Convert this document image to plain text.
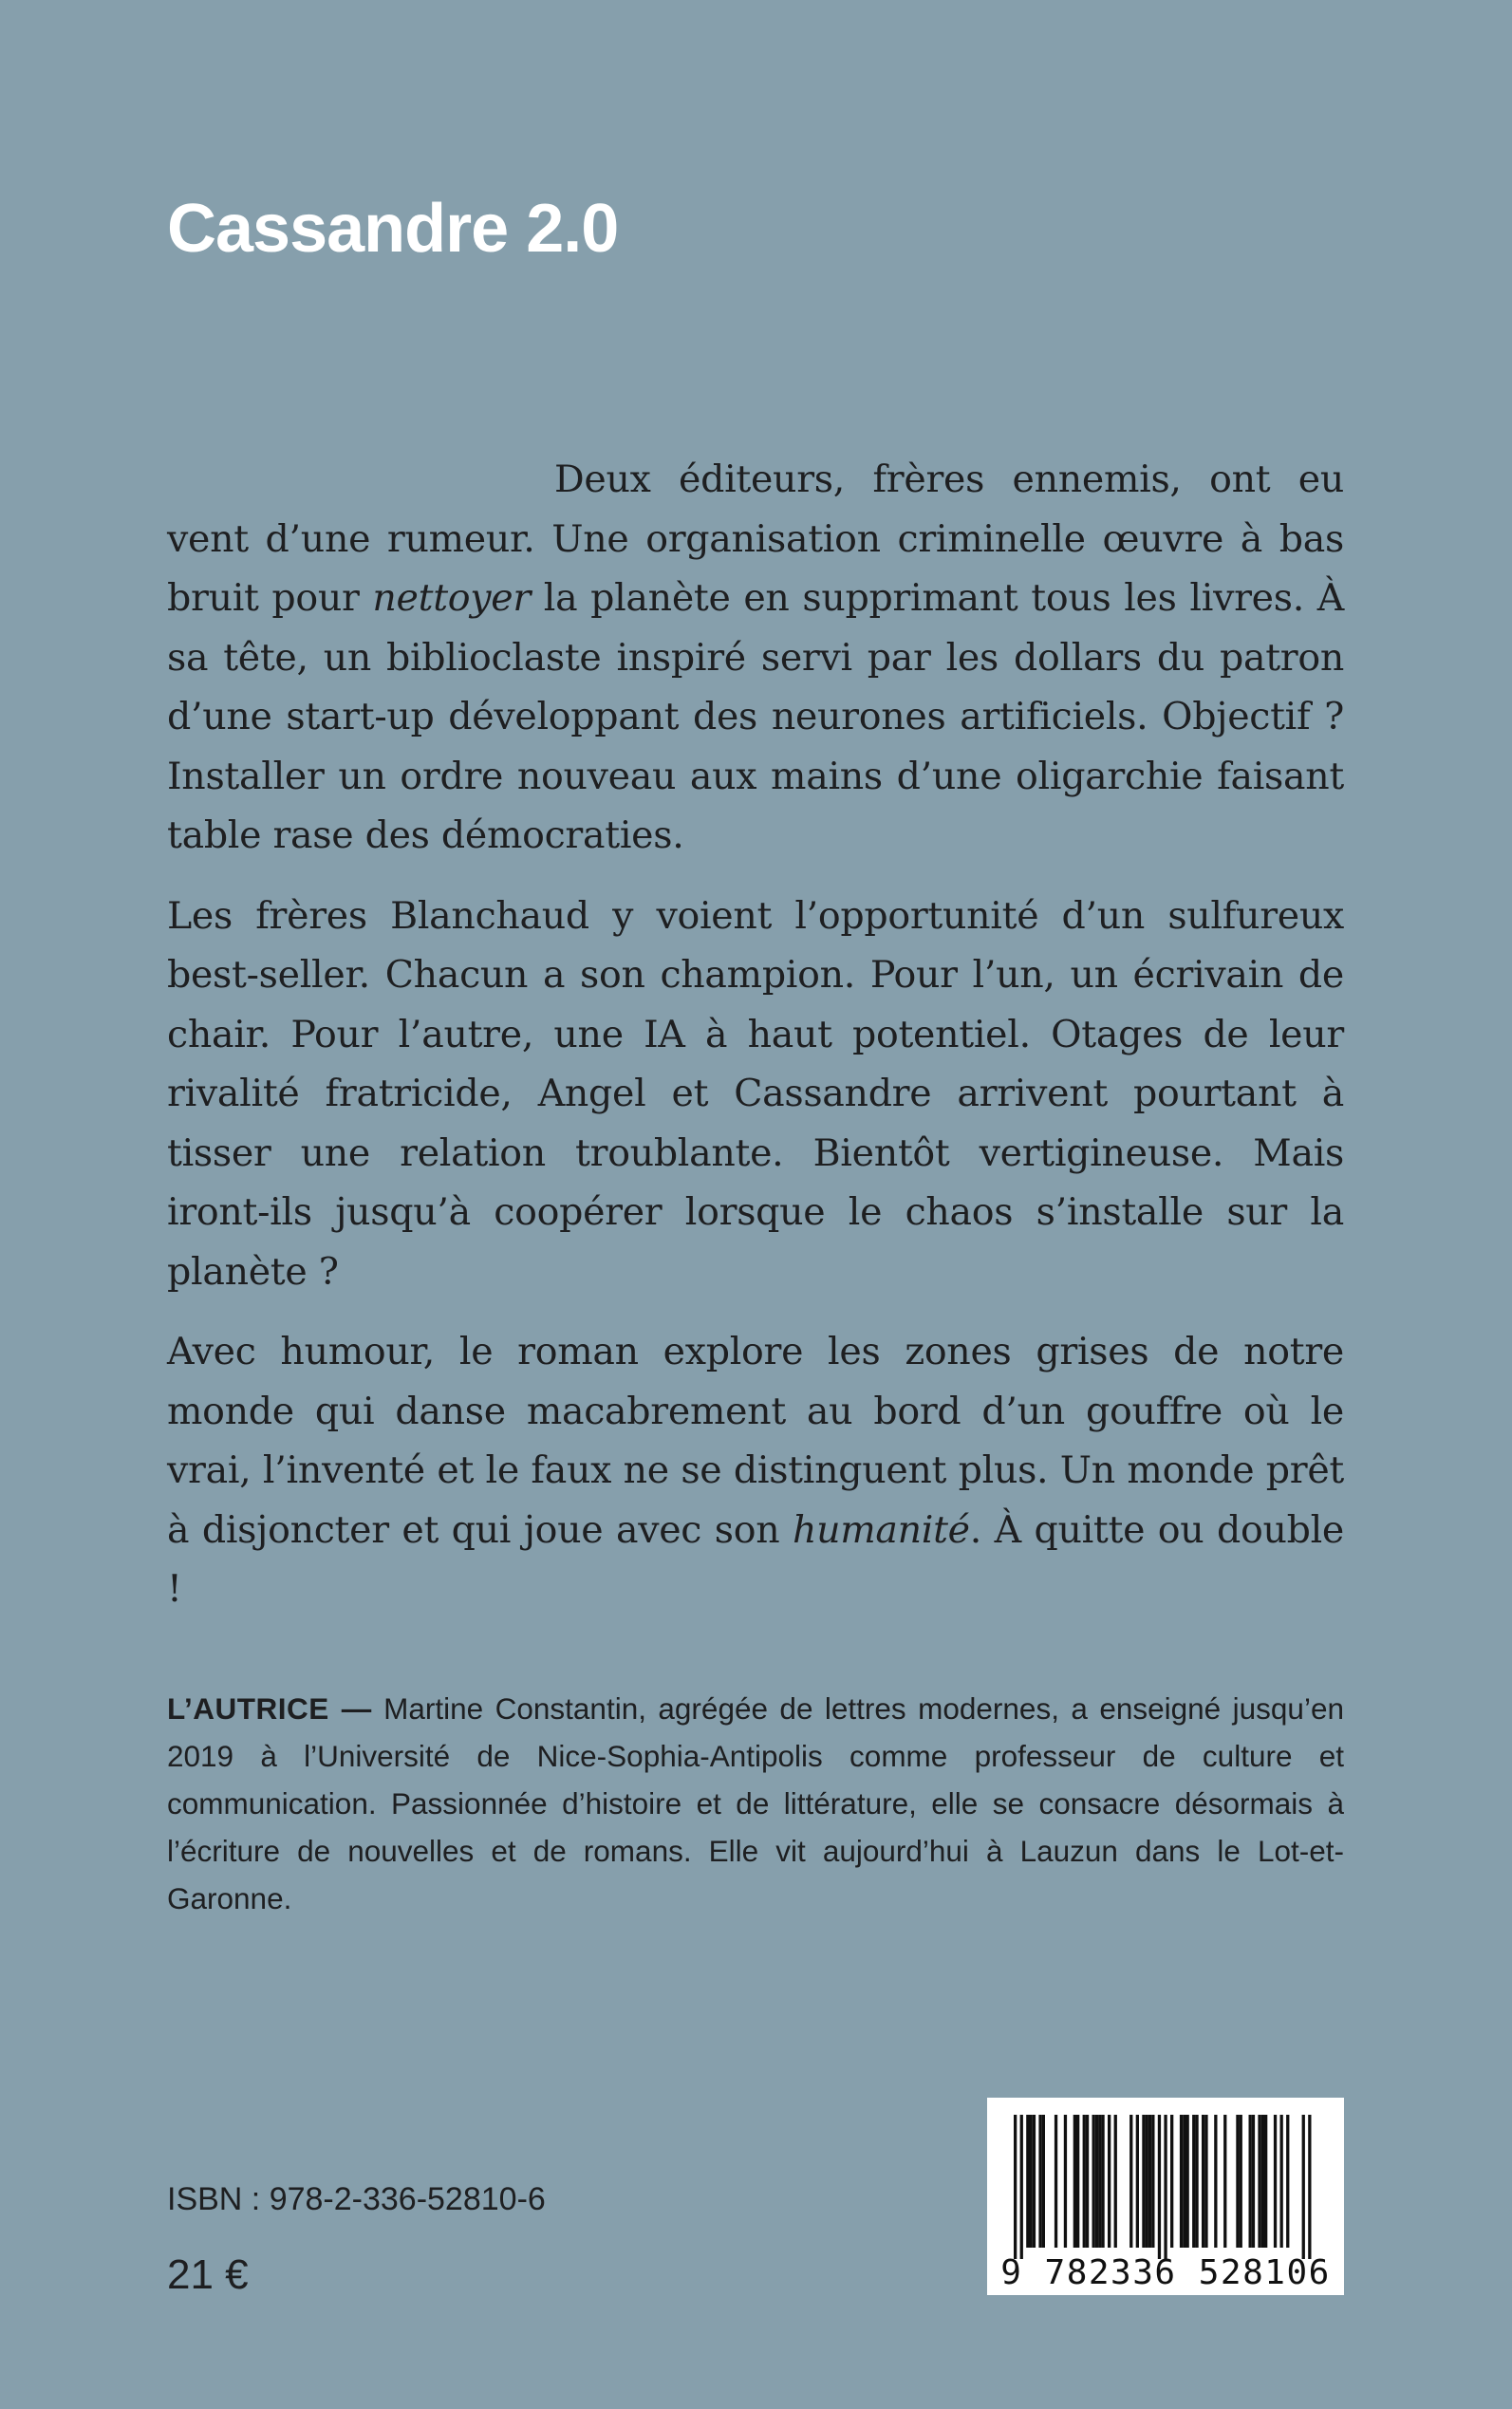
Cassandre 2.0

Deux éditeurs, frères ennemis, ont eu vent d’une rumeur. Une organisation criminelle œuvre à bas bruit pour nettoyer la planète en supprimant tous les livres. À sa tête, un biblioclaste inspiré servi par les dollars du patron d’une start-up développant des neurones artificiels. Objectif ? Installer un ordre nouveau aux mains d’une oligarchie faisant table rase des démocraties.

Les frères Blanchaud y voient l’opportunité d’un sulfureux best-seller. Chacun a son champion. Pour l’un, un écrivain de chair. Pour l’autre, une IA à haut potentiel. Otages de leur rivalité fratricide, Angel et Cassandre arrivent pourtant à tisser une relation troublante. Bientôt vertigineuse. Mais iront-ils jusqu’à coopérer lorsque le chaos s’installe sur la planète ?

Avec humour, le roman explore les zones grises de notre monde qui danse macabrement au bord d’un gouffre où le vrai, l’inventé et le faux ne se distinguent plus. Un monde prêt à disjoncter et qui joue avec son humanité. À quitte ou double !

L’AUTRICE — Martine Constantin, agrégée de lettres modernes, a enseigné jusqu’en 2019 à l’Université de Nice-Sophia-Antipolis comme professeur de culture et communication. Passionnée d’histoire et de littérature, elle se consacre désormais à l’écriture de nouvelles et de romans. Elle vit aujourd’hui à Lauzun dans le Lot-et-Garonne.

ISBN : 978-2-336-52810-6

21 €	9 782336 528106
